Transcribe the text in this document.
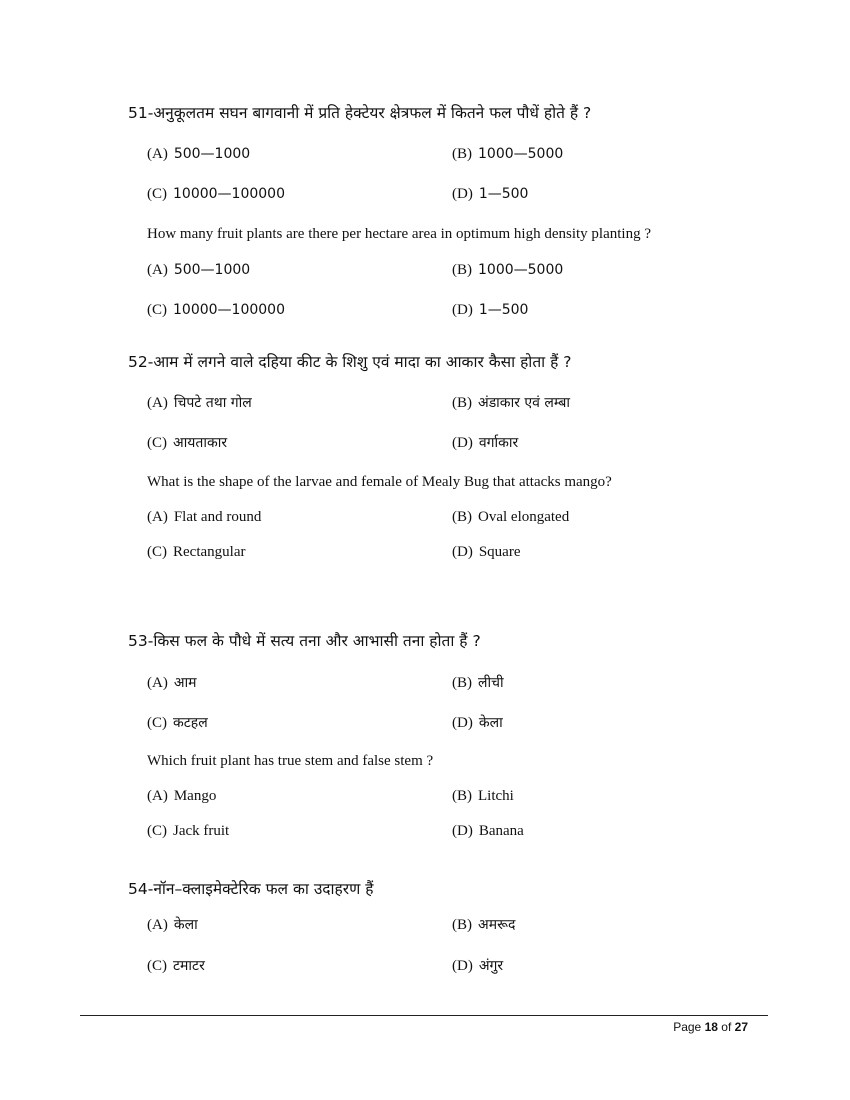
51-अनुकूलतम सघन बागवानी में प्रति हेक्टेयर क्षेत्रफल में कितने फल पौधें होते हैं ?
(A) 500—1000	(B) 1000—5000
(C) 10000—100000	(D) 1—500
How many fruit plants are there per hectare area in optimum high density planting ?
(A) 500—1000	(B) 1000—5000
(C) 10000—100000	(D) 1—500
52-आम में लगने वाले दहिया कीट के शिशु एवं मादा का आकार कैसा होता हैं ?
(A) चिपटे तथा गोल	(B) अंडाकार एवं लम्बा
(C) आयताकार	(D) वर्गाकार
What is the shape of the larvae and female of Mealy Bug that attacks mango?
(A) Flat and round	(B) Oval elongated
(C) Rectangular	(D) Square
53-किस फल के पौधे में सत्य तना और आभासी तना होता हैं ?
(A) आम	(B) लीची
(C) कटहल	(D) केला
Which fruit plant has true stem and false stem ?
(A) Mango	(B) Litchi
(C) Jack fruit	(D) Banana
54-नॉन–क्लाइमेक्टेरिक फल का उदाहरण हैं
(A) केला	(B) अमरूद
(C) टमाटर	(D) अंगुर
Page 18 of 27
